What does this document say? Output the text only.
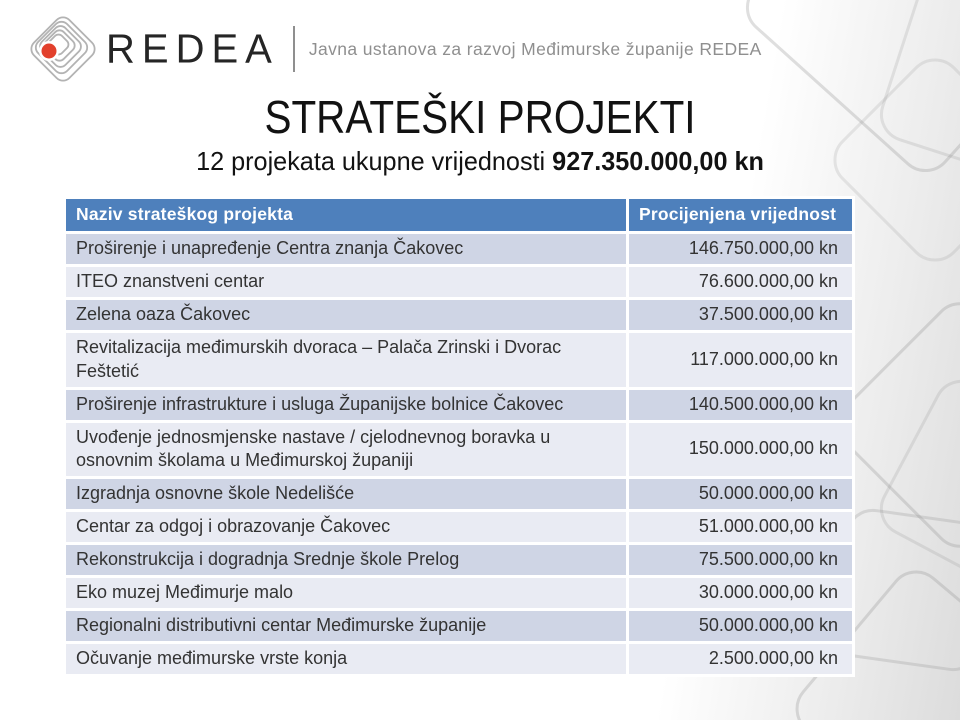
REDEA Javna ustanova za razvoj Međimurske županije REDEA
STRATEŠKI PROJEKTI

12 projekata ukupne vrijednosti 927.350.000,00 kn

Naziv strateškog projekta	Procijenjena vrijednost
Proširenje i unapređenje Centra znanja Čakovec	146.750.000,00 kn
ITEO znanstveni centar	76.600.000,00 kn
Zelena oaza Čakovec	37.500.000,00 kn
Revitalizacija međimurskih dvoraca – Palača Zrinski i Dvorac Feštetić	117.000.000,00 kn
Proširenje infrastrukture i usluga Županijske bolnice Čakovec	140.500.000,00 kn
Uvođenje jednosmjenske nastave / cjelodnevnog boravka u osnovnim školama u Međimurskoj županiji	150.000.000,00 kn
Izgradnja osnovne škole Nedelišće	50.000.000,00 kn
Centar za odgoj i obrazovanje Čakovec	51.000.000,00 kn
Rekonstrukcija i dogradnja Srednje škole Prelog	75.500.000,00 kn
Eko muzej Međimurje malo	30.000.000,00 kn
Regionalni distributivni centar Međimurske županije	50.000.000,00 kn
Očuvanje međimurske vrste konja	2.500.000,00 kn
